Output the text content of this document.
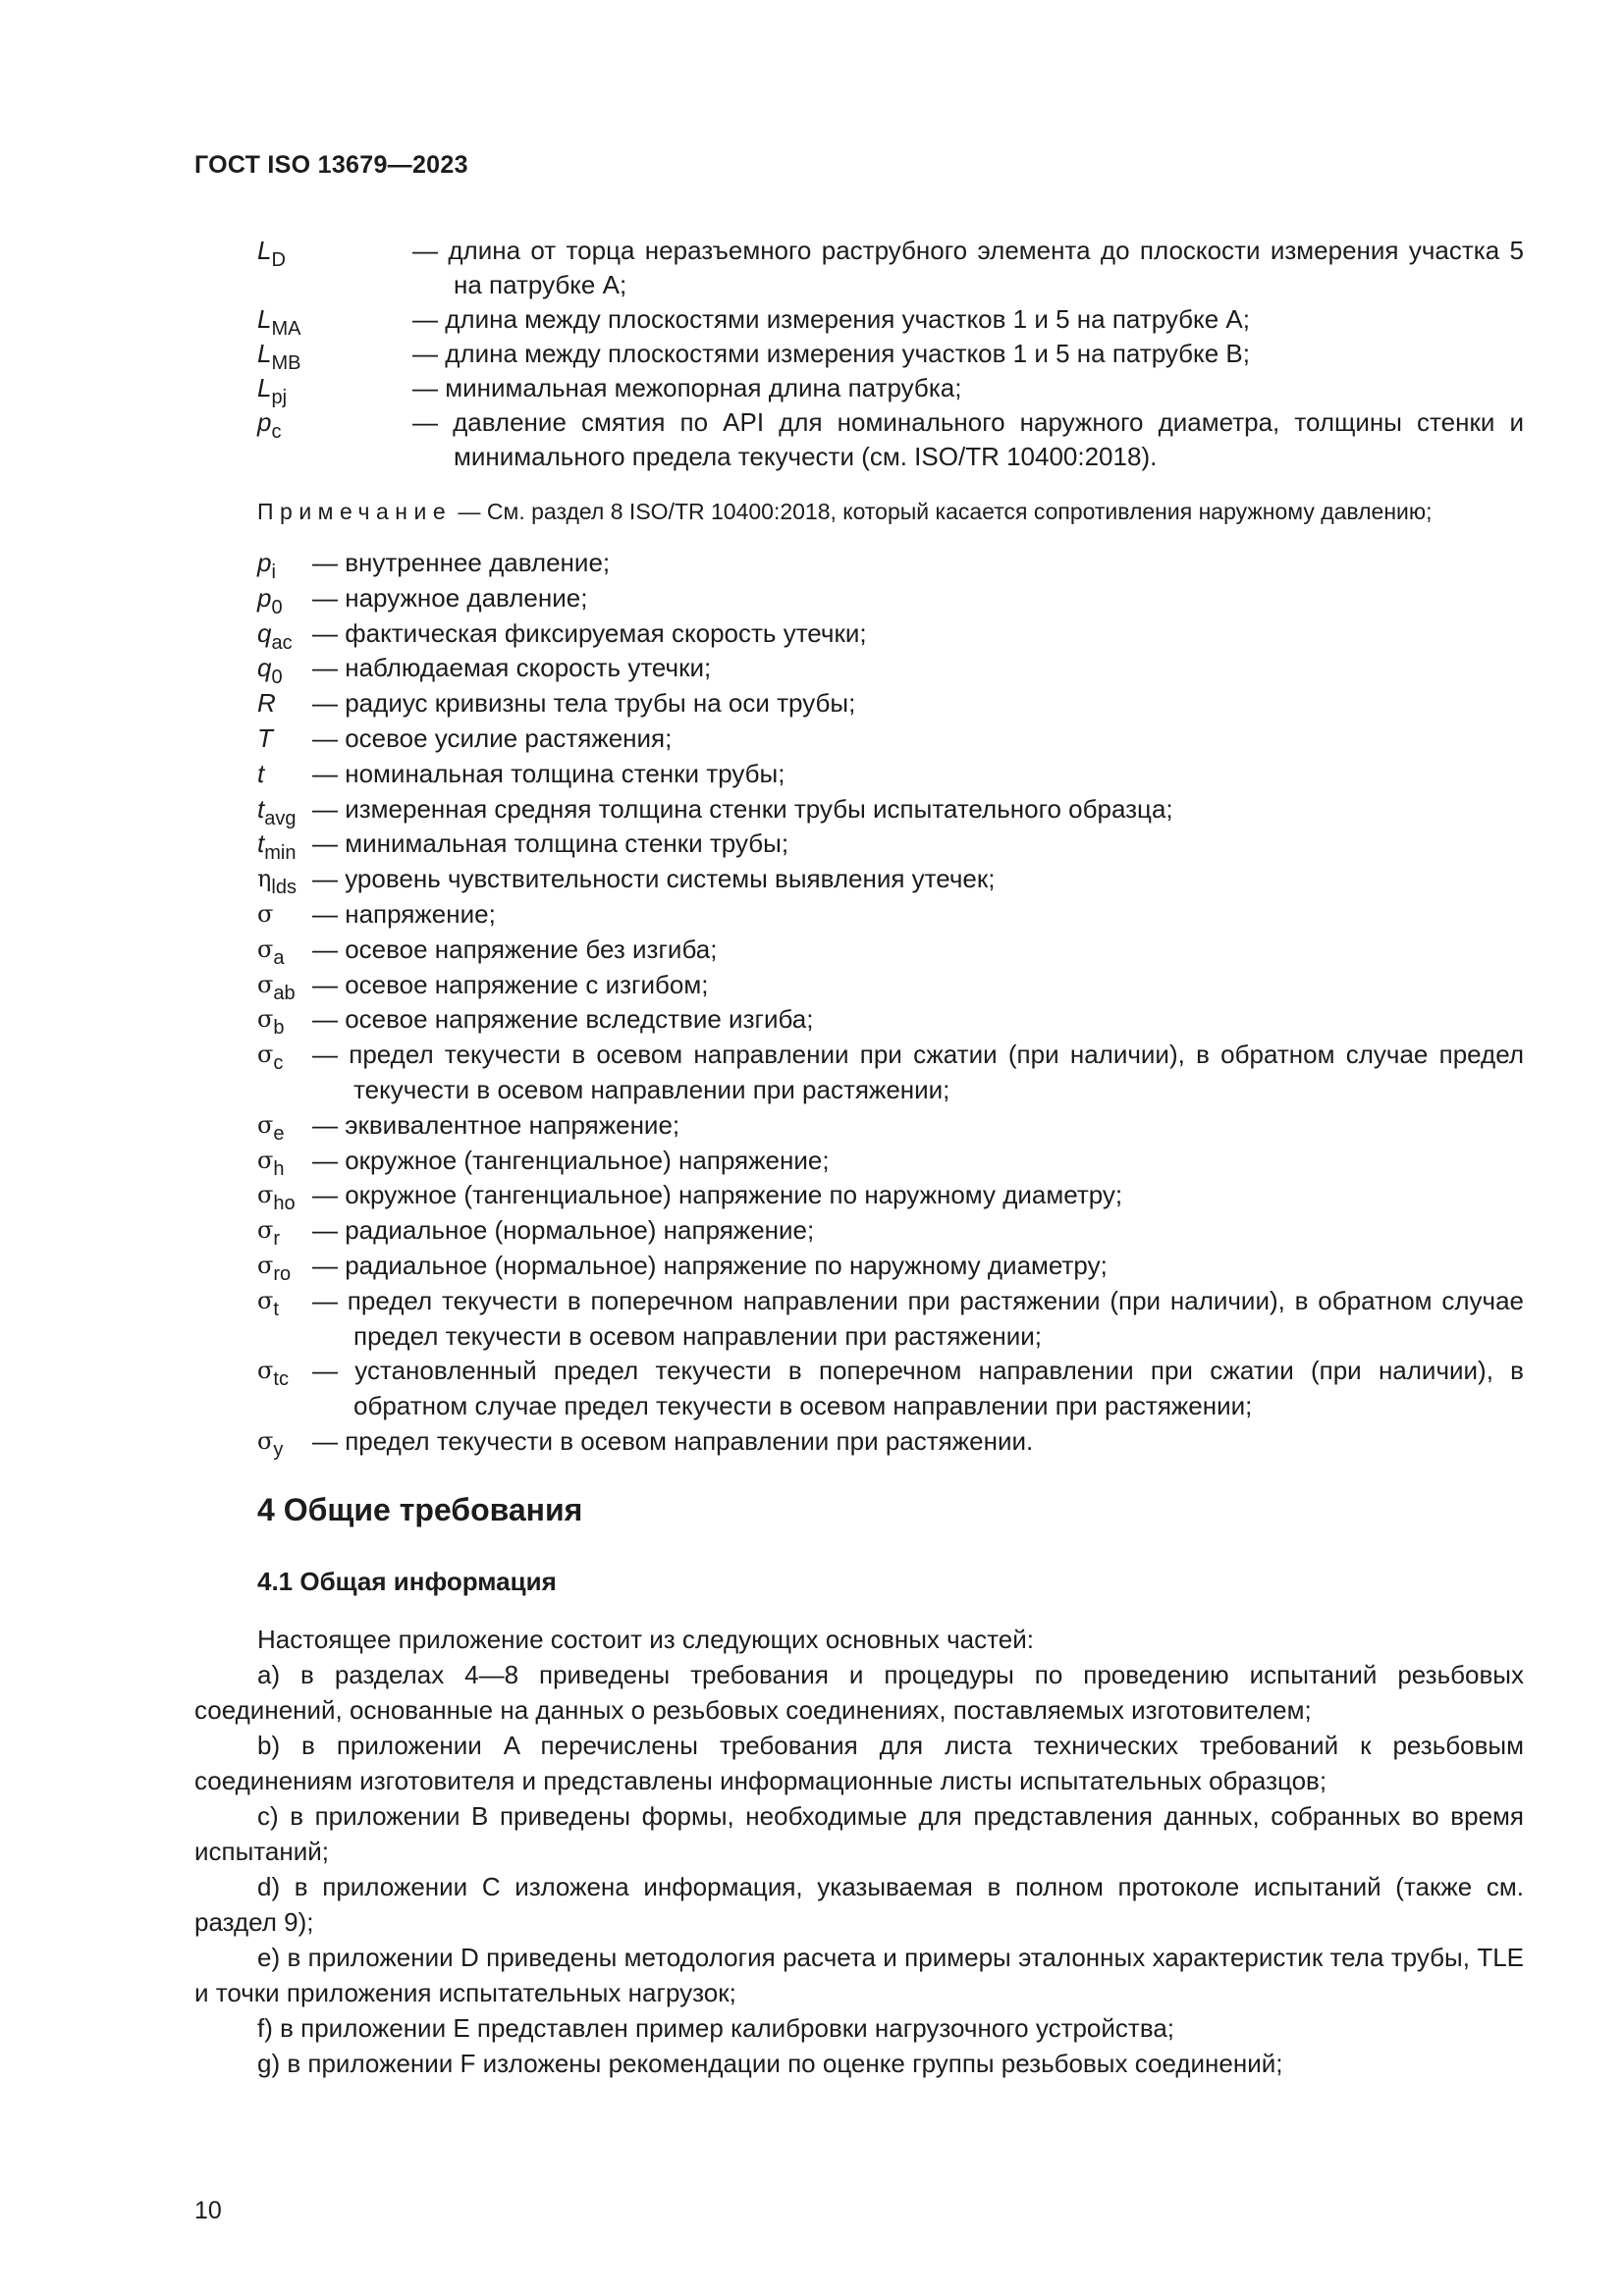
ГОСТ ISO 13679—2023
$L_D$	— длина от торца неразъемного раструбного элемента до плоскости измерения участка 5 на патрубке A;
$L_{MA}$	— длина между плоскостями измерения участков 1 и 5 на патрубке A;
$L_{MB}$	— длина между плоскостями измерения участков 1 и 5 на патрубке B;
$L_{pj}$	— минимальная межопорная длина патрубка;
$p_c$	— давление смятия по API для номинального наружного диаметра, толщины стенки и минимального предела текучести (см. ISO/TR 10400:2018).
Примечание — См. раздел 8 ISO/TR 10400:2018, который касается сопротивления наружному давлению;
$p_i$	— внутреннее давление;
$p_0$	— наружное давление;
$q_{ac}$ — фактическая фиксируемая скорость утечки;
$q_0$	— наблюдаемая скорость утечки;
R	— радиус кривизны тела трубы на оси трубы;
T	— осевое усилие растяжения;
t	— номинальная толщина стенки трубы;
$t_{avg}$ — измеренная средняя толщина стенки трубы испытательного образца;
$t_{min}$ — минимальная толщина стенки трубы;
$\eta_{lds}$ — уровень чувствительности системы выявления утечек;
σ	— напряжение;
$\sigma_a$	— осевое напряжение без изгиба;
$\sigma_{ab}$ — осевое напряжение с изгибом;
$\sigma_b$	— осевое напряжение вследствие изгиба;
$\sigma_c$	— предел текучести в осевом направлении при сжатии (при наличии), в обратном случае предел текучести в осевом направлении при растяжении;
$\sigma_e$	— эквивалентное напряжение;
$\sigma_h$	— окружное (тангенциальное) напряжение;
$\sigma_{ho}$ — окружное (тангенциальное) напряжение по наружному диаметру;
$\sigma_r$	— радиальное (нормальное) напряжение;
$\sigma_{ro}$ — радиальное (нормальное) напряжение по наружному диаметру;
$\sigma_t$	— предел текучести в поперечном направлении при растяжении (при наличии), в обратном случае предел текучести в осевом направлении при растяжении;
$\sigma_{tc}$ — установленный предел текучести в поперечном направлении при сжатии (при наличии), в обратном случае предел текучести в осевом направлении при растяжении;
$\sigma_y$	— предел текучести в осевом направлении при растяжении.
4 Общие требования
4.1 Общая информация

Настоящее приложение состоит из следующих основных частей:

a) в разделах 4—8 приведены требования и процедуры по проведению испытаний резьбовых соединений, основанные на данных о резьбовых соединениях, поставляемых изготовителем;

b) в приложении A перечислены требования для листа технических требований к резьбовым соединениям изготовителя и представлены информационные листы испытательных образцов;

c) в приложении B приведены формы, необходимые для представления данных, собранных во время испытаний;

d) в приложении C изложена информация, указываемая в полном протоколе испытаний (также см. раздел 9);

e) в приложении D приведены методология расчета и примеры эталонных характеристик тела трубы, TLE и точки приложения испытательных нагрузок;

f) в приложении E представлен пример калибровки нагрузочного устройства;

g) в приложении F изложены рекомендации по оценке группы резьбовых соединений;

10
